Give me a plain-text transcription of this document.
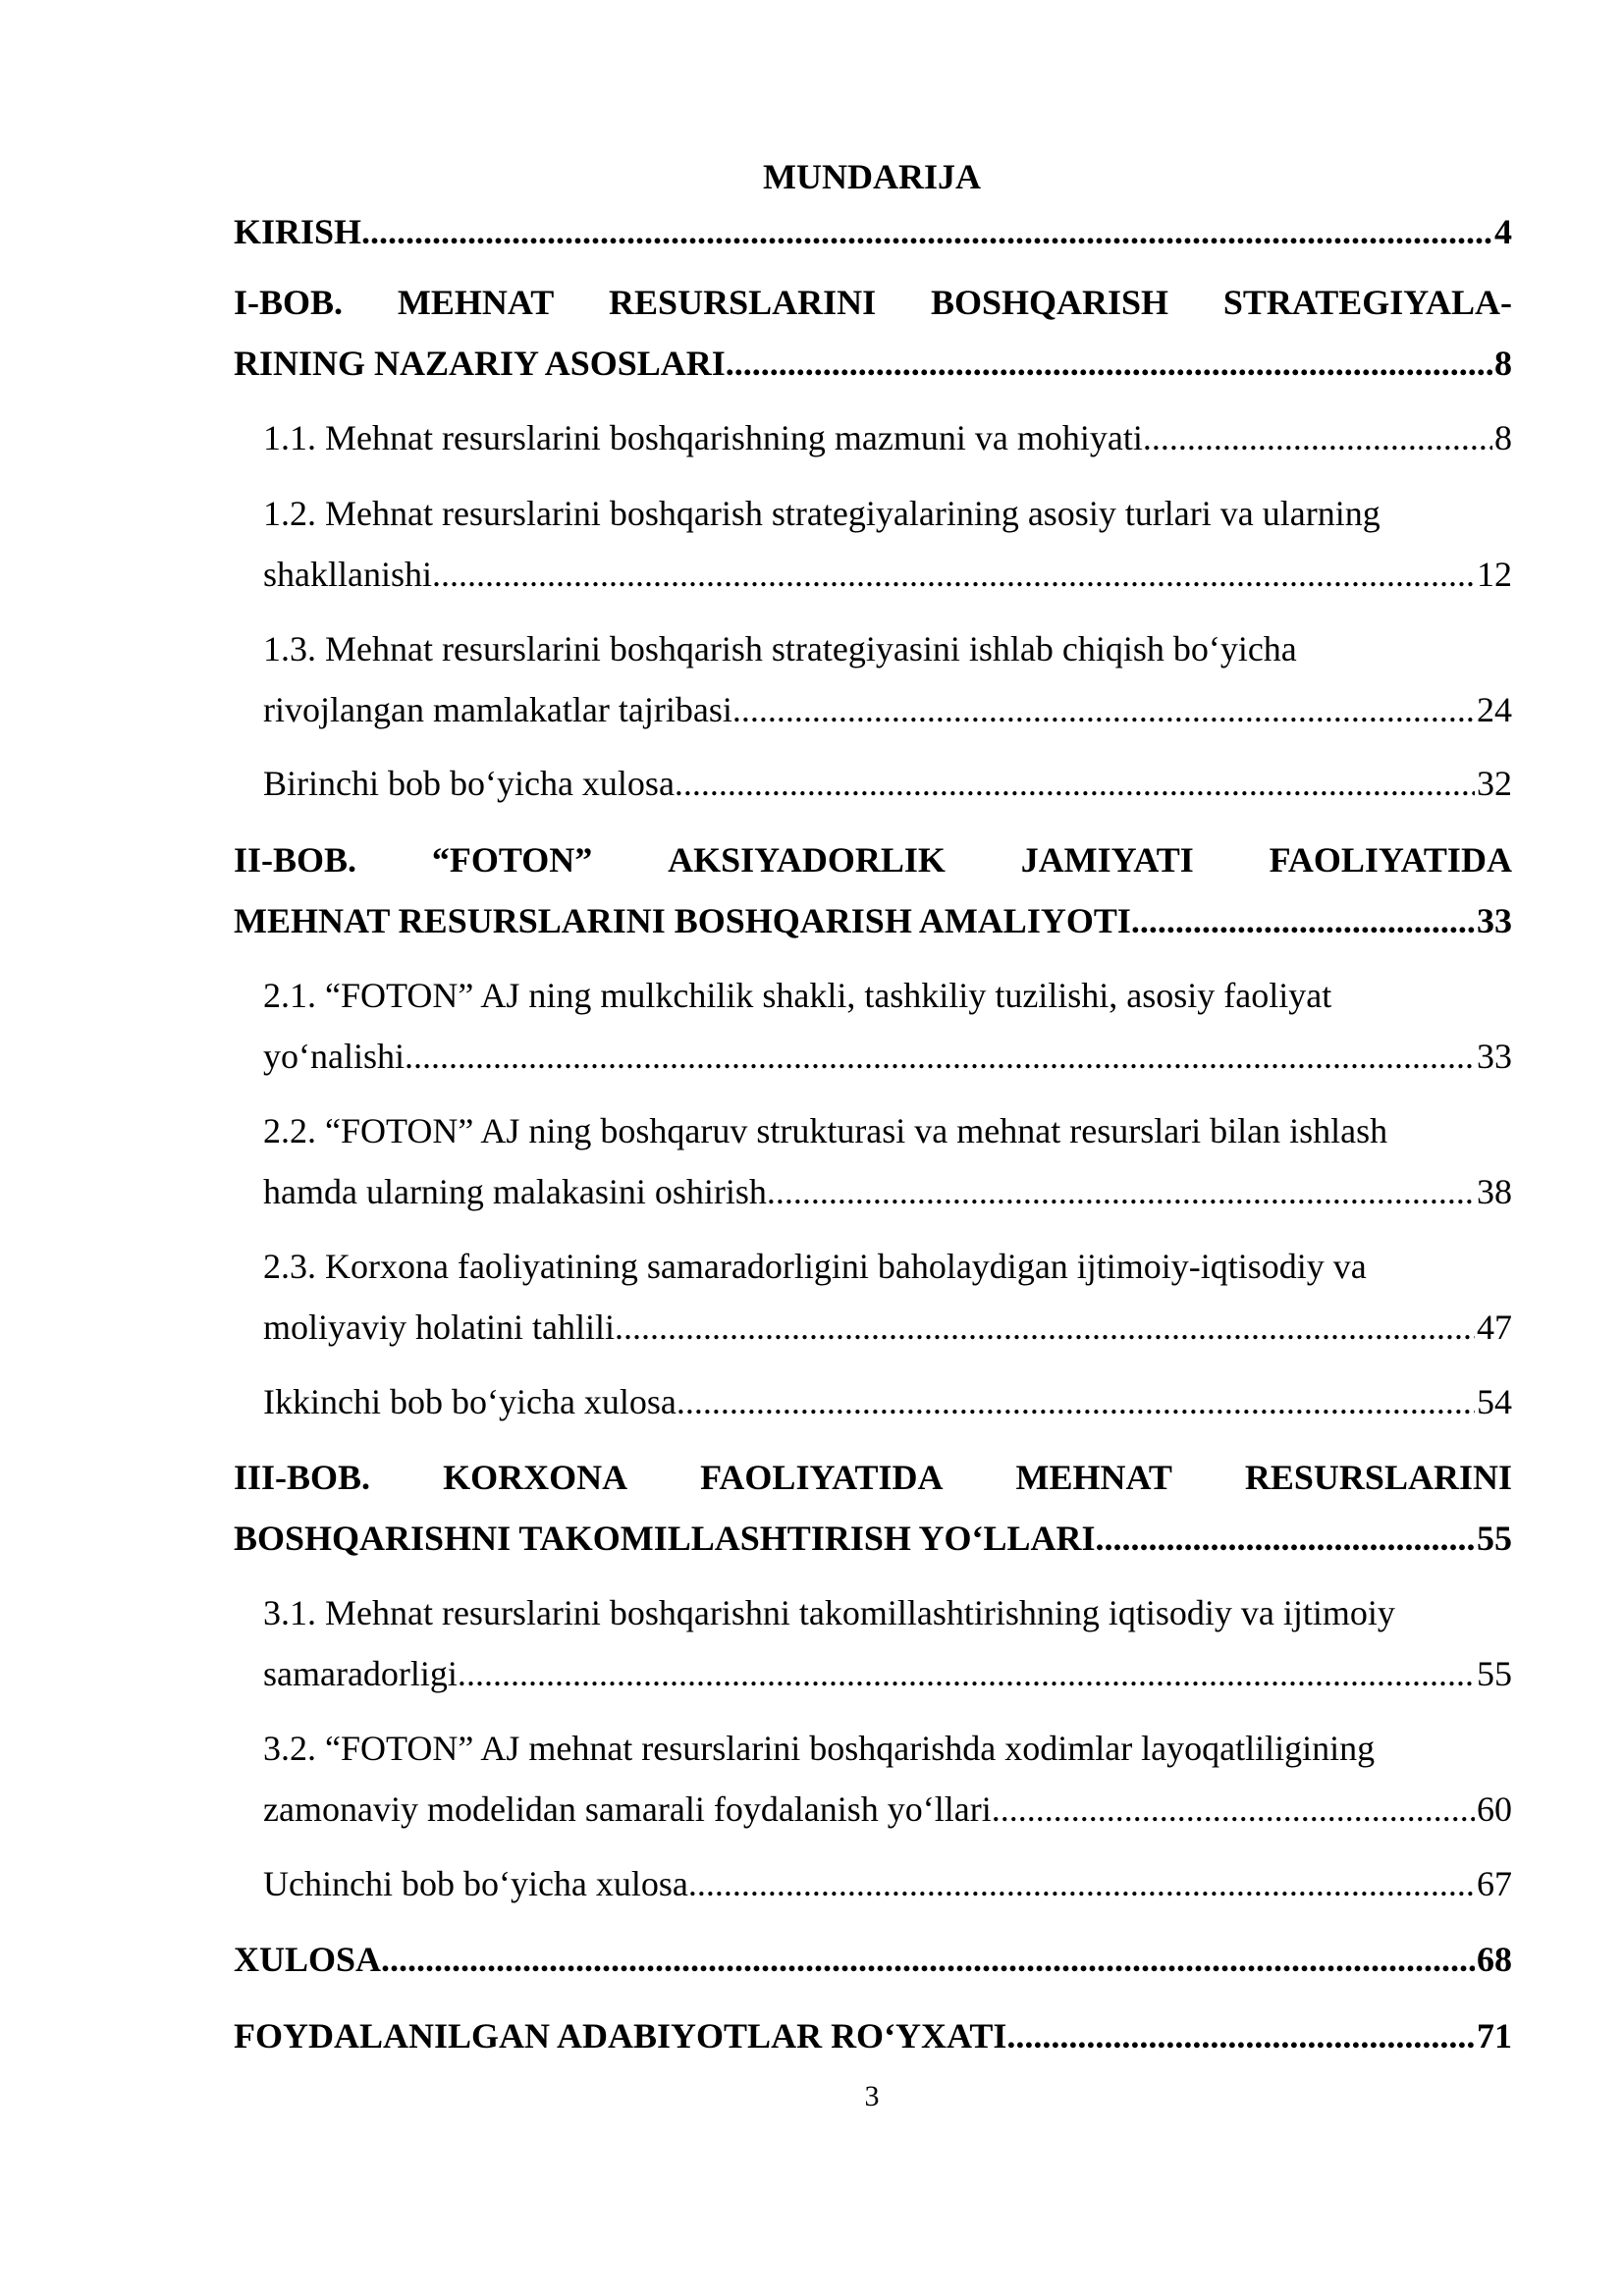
MUNDARIJA
KIRISH .....	4
I-BOB. MEHNAT RESURSLARINI BOSHQARISH STRATEGIYALA-
RINING NAZARIY ASOSLARI .....	8
1.1. Mehnat resurslarini boshqarishning mazmuni va mohiyati .....	8
1.2. Mehnat resurslarini boshqarish strategiyalarining asosiy turlari va ularning
shakllanishi .....	12
1.3. Mehnat resurslarini boshqarish strategiyasini ishlab chiqish bo‘yicha
rivojlangan mamlakatlar tajribasi. .....	24
Birinchi bob bo‘yicha xulosa .....	32
II-BOB. “FOTON” AKSIYADORLIK JAMIYATI FAOLIYATIDA
MEHNAT RESURSLARINI BOSHQARISH AMALIYOTI .....	33
2.1. “FOTON” AJ ning mulkchilik shakli, tashkiliy tuzilishi, asosiy faoliyat
yo‘nalishi .....	33
2.2. “FOTON” AJ ning boshqaruv strukturasi va mehnat resurslari bilan ishlash
hamda ularning malakasini oshirish. .....	38
2.3. Korxona faoliyatining samaradorligini baholaydigan ijtimoiy-iqtisodiy va
moliyaviy holatini tahlili .....	47
Ikkinchi bob bo‘yicha xulosa .....	54
III-BOB. KORXONA FAOLIYATIDA MEHNAT RESURSLARINI
BOSHQARISHNI TAKOMILLASHTIRISH YO‘LLARI. .....	55
3.1. Mehnat resurslarini boshqarishni takomillashtirishning iqtisodiy va ijtimoiy
samaradorligi. .....	55
3.2. “FOTON” AJ mehnat resurslarini boshqarishda xodimlar layoqatliligining
zamonaviy modelidan samarali foydalanish yo‘llari. .....	60
Uchinchi bob bo‘yicha xulosa .....	67
XULOSA .....	68
FOYDALANILGAN ADABIYOTLAR RO‘YXATI .....	71
3
